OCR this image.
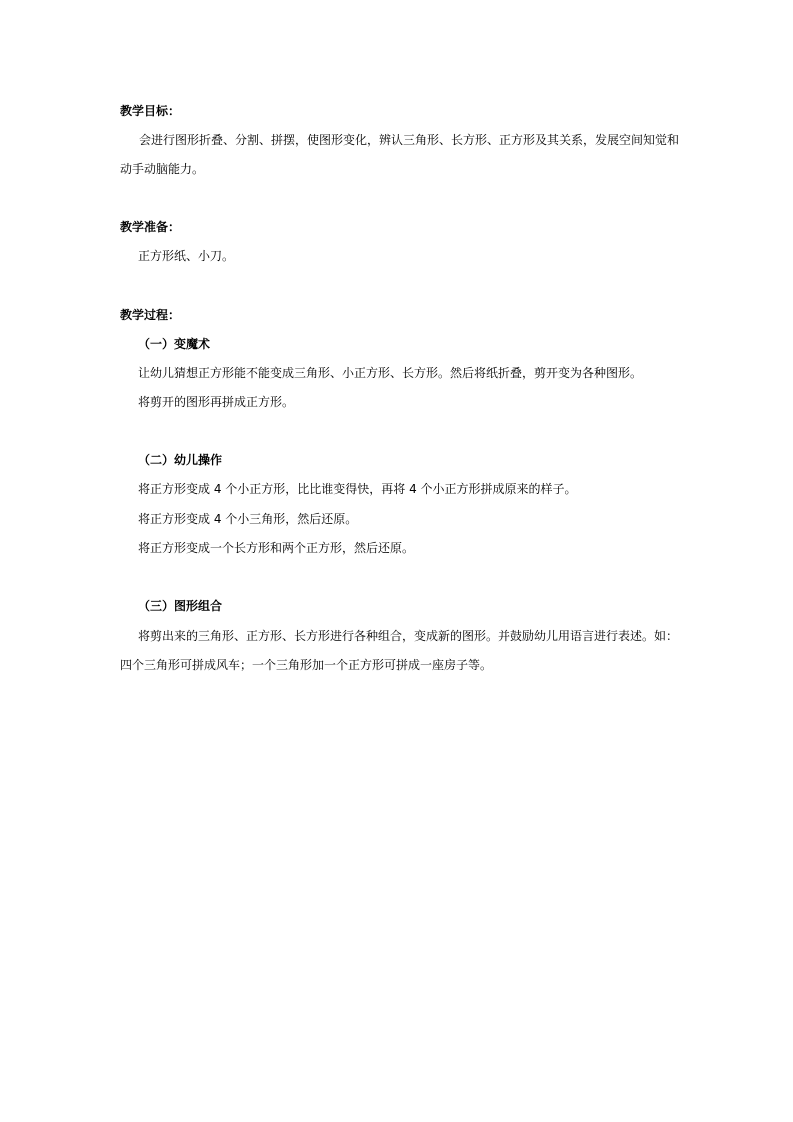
教学目标：
会进行图形折叠、分割、拼摆，使图形变化，辨认三角形、长方形、正方形及其关系，发展空间知觉和
动手动脑能力。
教学准备：
正方形纸、小刀。
教学过程：
（一）变魔术
让幼儿猜想正方形能不能变成三角形、小正方形、长方形。然后将纸折叠，剪开变为各种图形。
将剪开的图形再拼成正方形。
（二）幼儿操作
将正方形变成 4 个小正方形，比比谁变得快，再将 4 个小正方形拼成原来的样子。
将正方形变成 4 个小三角形，然后还原。
将正方形变成一个长方形和两个正方形，然后还原。
（三）图形组合
将剪出来的三角形、正方形、长方形进行各种组合，变成新的图形。并鼓励幼儿用语言进行表述。如：
四个三角形可拼成风车；一个三角形加一个正方形可拼成一座房子等。
